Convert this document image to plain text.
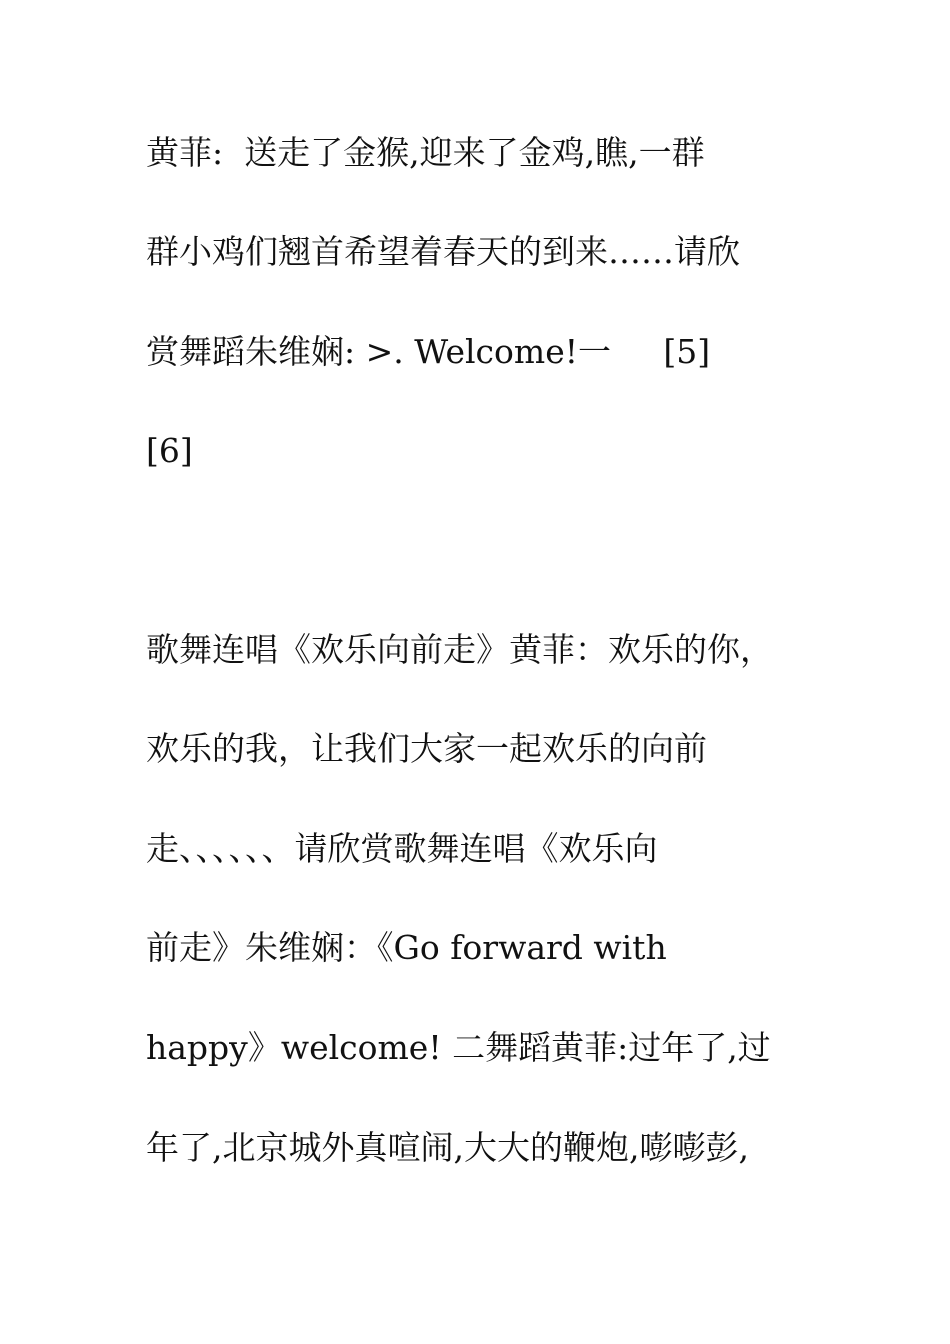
黄菲:  送走了金猴,迎来了金鸡,瞧,一群
群小鸡们翘首希望着春天的到来……请欣
赏舞蹈朱维娴: >. Welcome!一     [5]
[6]
歌舞连唱《欢乐向前走》黄菲：欢乐的你，
欢乐的我，让我们大家一起欢乐的向前
走、、、、、、请欣赏歌舞连唱《欢乐向
前走》朱维娴：《Go forward with
happy》welcome! 二舞蹈黄菲:过年了,过
年了,北京城外真喧闹,大大的鞭炮,嘭嘭彭,
